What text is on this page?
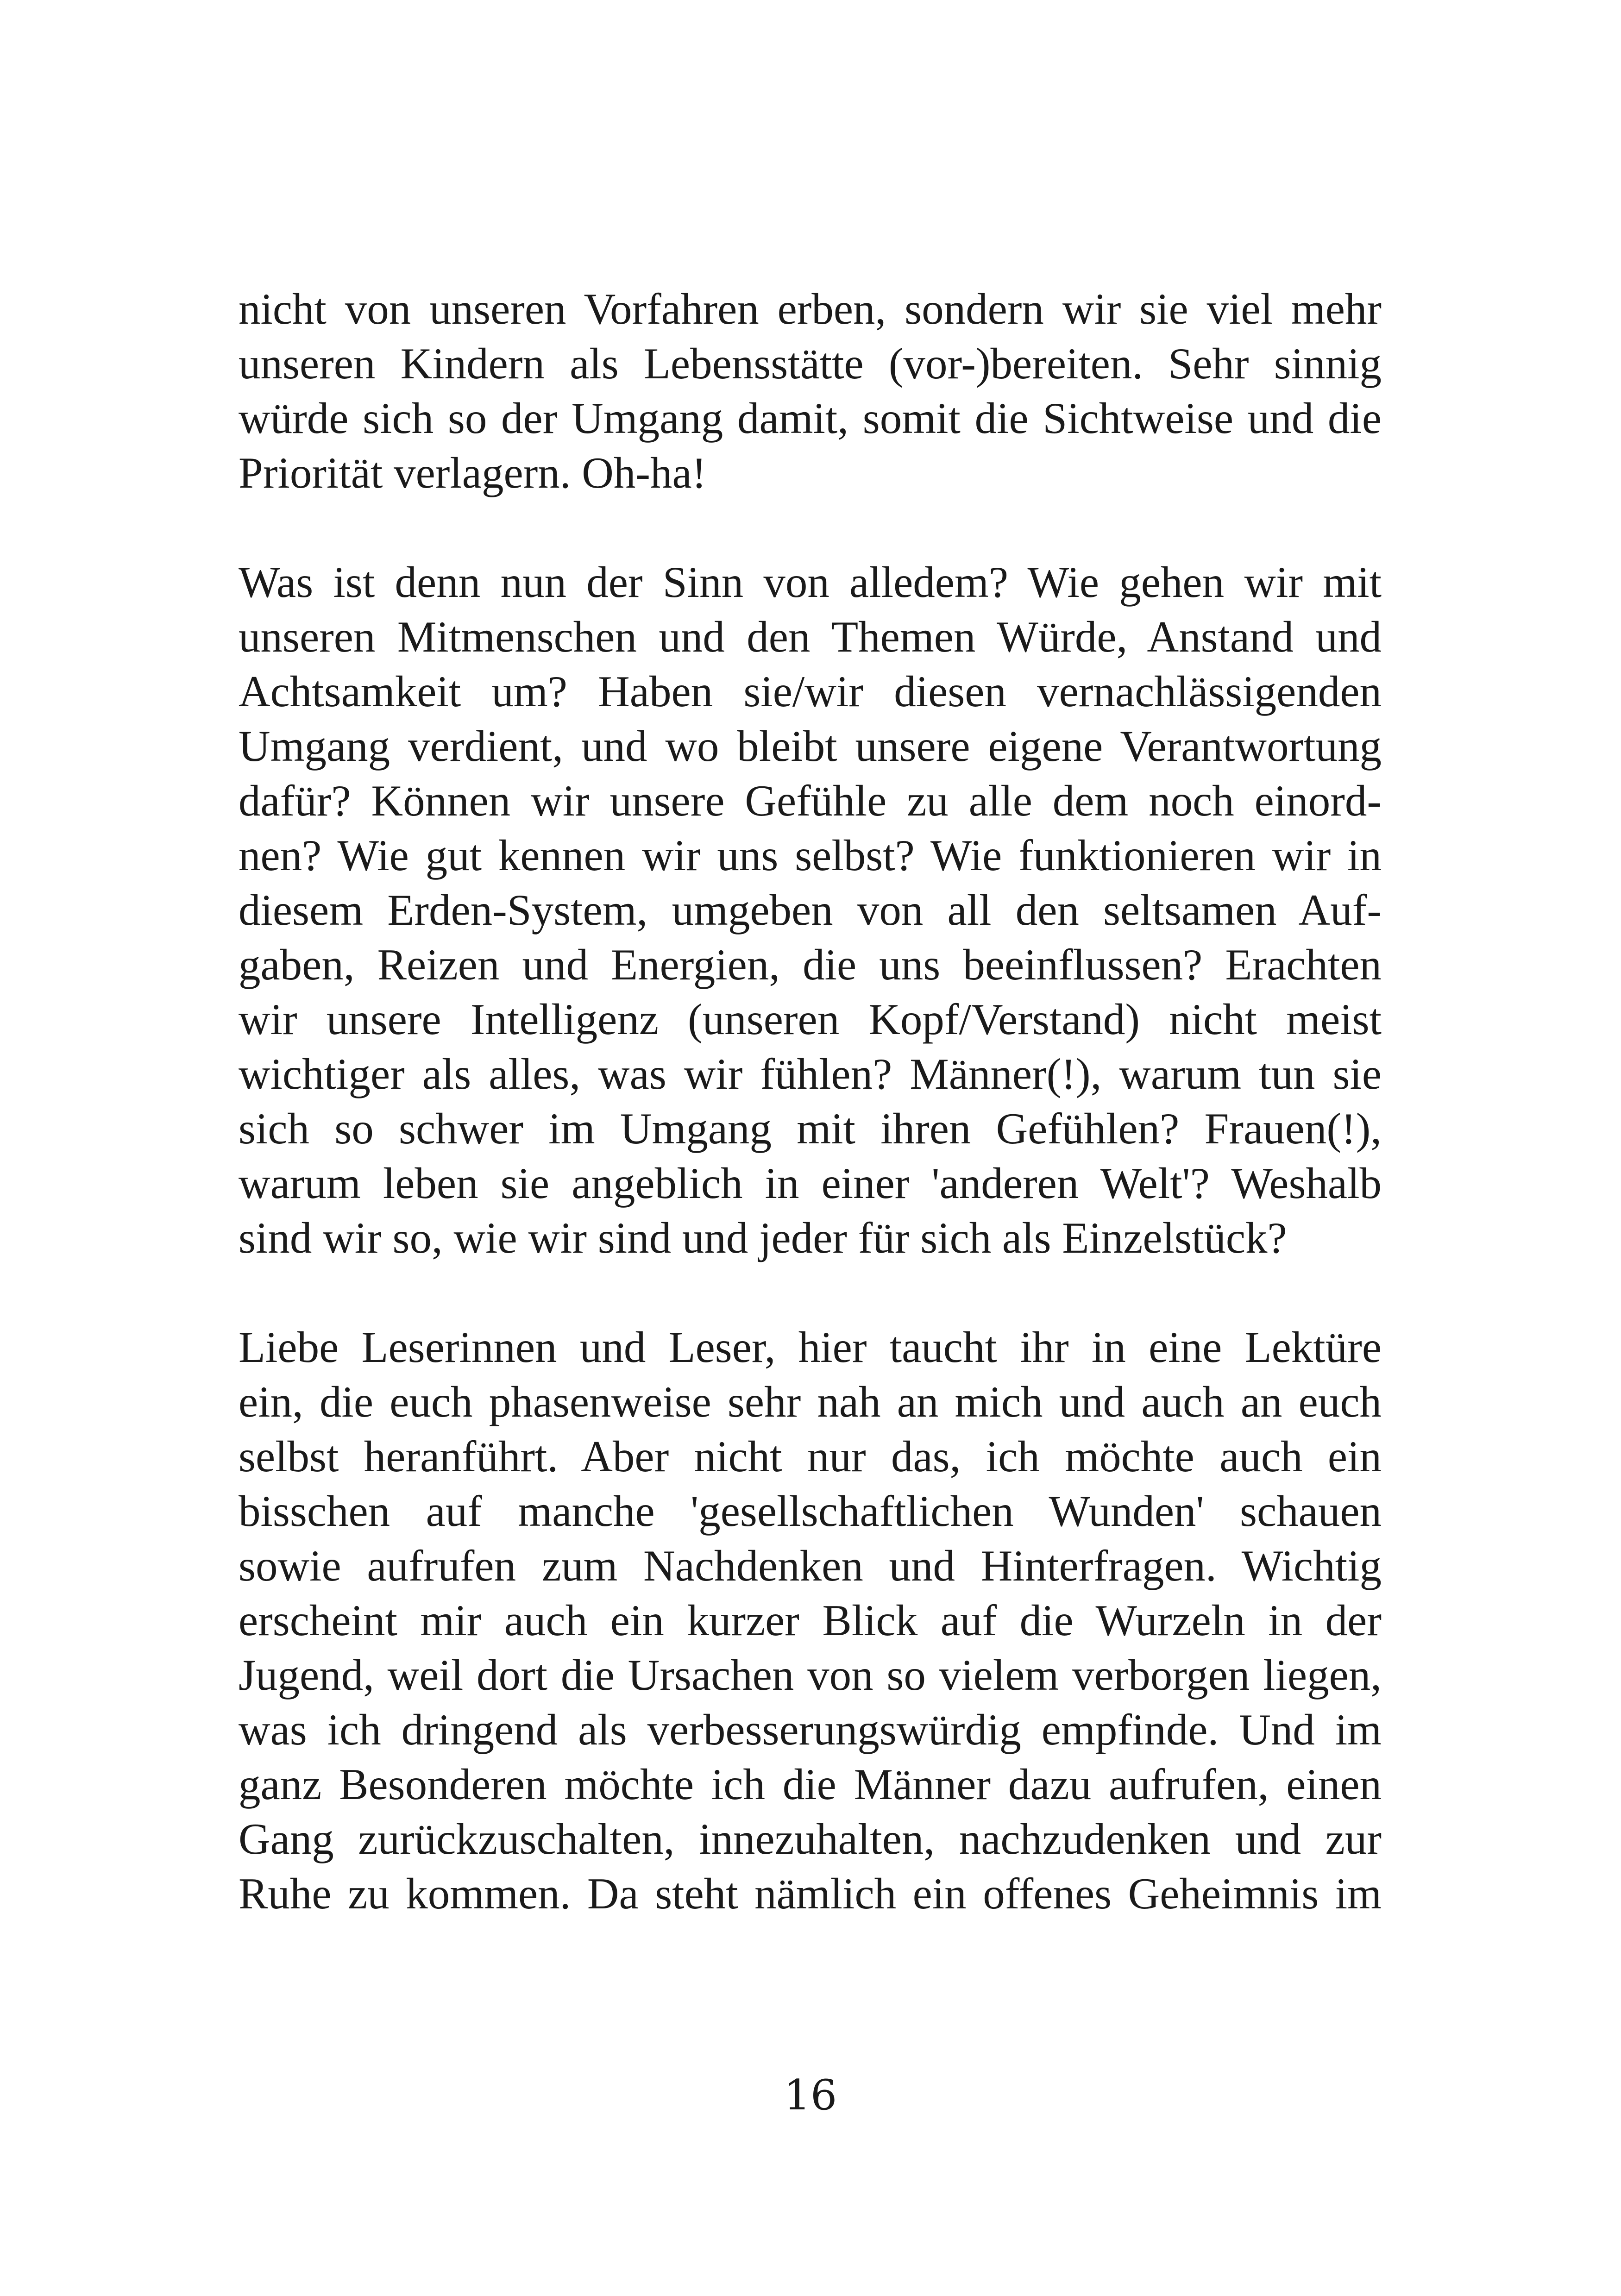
nicht von unseren Vorfahren erben, sondern wir sie viel mehr
unseren Kindern als Lebensstätte (vor-)bereiten. Sehr sinnig
würde sich so der Umgang damit, somit die Sichtweise und die
Priorität verlagern. Oh-ha!

Was ist denn nun der Sinn von alledem? Wie gehen wir mit
unseren Mitmenschen und den Themen Würde, Anstand und
Achtsamkeit um? Haben sie/wir diesen vernachlässigenden
Umgang verdient, und wo bleibt unsere eigene Verantwortung
dafür? Können wir unsere Gefühle zu alle dem noch einord-
nen? Wie gut kennen wir uns selbst? Wie funktionieren wir in
diesem Erden-System, umgeben von all den seltsamen Auf-
gaben, Reizen und Energien, die uns beeinflussen? Erachten
wir unsere Intelligenz (unseren Kopf/Verstand) nicht meist
wichtiger als alles, was wir fühlen? Männer(!), warum tun sie
sich so schwer im Umgang mit ihren Gefühlen? Frauen(!),
warum leben sie angeblich in einer 'anderen Welt'? Weshalb
sind wir so, wie wir sind und jeder für sich als Einzelstück?

Liebe Leserinnen und Leser, hier taucht ihr in eine Lektüre
ein, die euch phasenweise sehr nah an mich und auch an euch
selbst heranführt. Aber nicht nur das, ich möchte auch ein
bisschen auf manche 'gesellschaftlichen Wunden' schauen
sowie aufrufen zum Nachdenken und Hinterfragen. Wichtig
erscheint mir auch ein kurzer Blick auf die Wurzeln in der
Jugend, weil dort die Ursachen von so vielem verborgen liegen,
was ich dringend als verbesserungswürdig empfinde. Und im
ganz Besonderen möchte ich die Männer dazu aufrufen, einen
Gang zurückzuschalten, innezuhalten, nachzudenken und zur
Ruhe zu kommen. Da steht nämlich ein offenes Geheimnis im

16
